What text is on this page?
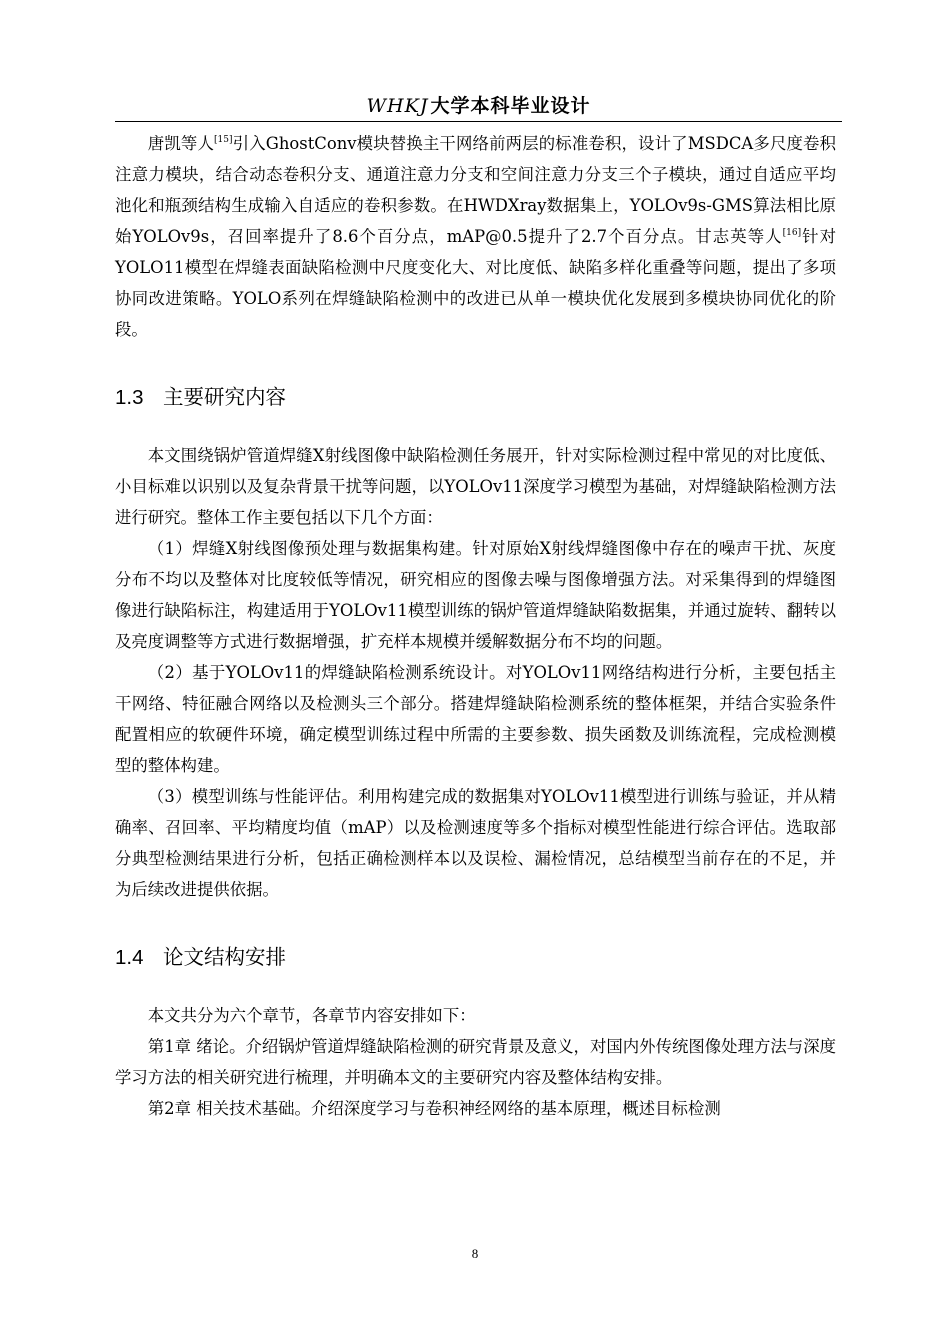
WHKJ 大学本科毕业设计

唐凯等人[15]引入GhostConv模块替换主干网络前两层的标准卷积，设计了MSDCA多尺度卷积注意力模块，结合动态卷积分支、通道注意力分支和空间注意力分支三个子模块，通过自适应平均池化和瓶颈结构生成输入自适应的卷积参数。在HWDXray数据集上，YOLOv9s-GMS算法相比原始YOLOv9s，召回率提升了8.6个百分点，mAP@0.5提升了2.7个百分点。甘志英等人[16]针对YOLO11模型在焊缝表面缺陷检测中尺度变化大、对比度低、缺陷多样化重叠等问题，提出了多项协同改进策略。YOLO系列在焊缝缺陷检测中的改进已从单一模块优化发展到多模块协同优化的阶段。

1.3 主要研究内容

本文围绕锅炉管道焊缝X射线图像中缺陷检测任务展开，针对实际检测过程中常见的对比度低、小目标难以识别以及复杂背景干扰等问题，以YOLOv11深度学习模型为基础，对焊缝缺陷检测方法进行研究。整体工作主要包括以下几个方面：

（1）焊缝X射线图像预处理与数据集构建。针对原始X射线焊缝图像中存在的噪声干扰、灰度分布不均以及整体对比度较低等情况，研究相应的图像去噪与图像增强方法。对采集得到的焊缝图像进行缺陷标注，构建适用于YOLOv11模型训练的锅炉管道焊缝缺陷数据集，并通过旋转、翻转以及亮度调整等方式进行数据增强，扩充样本规模并缓解数据分布不均的问题。

（2）基于YOLOv11的焊缝缺陷检测系统设计。对YOLOv11网络结构进行分析，主要包括主干网络、特征融合网络以及检测头三个部分。搭建焊缝缺陷检测系统的整体框架，并结合实验条件配置相应的软硬件环境，确定模型训练过程中所需的主要参数、损失函数及训练流程，完成检测模型的整体构建。

（3）模型训练与性能评估。利用构建完成的数据集对YOLOv11模型进行训练与验证，并从精确率、召回率、平均精度均值（mAP）以及检测速度等多个指标对模型性能进行综合评估。选取部分典型检测结果进行分析，包括正确检测样本以及误检、漏检情况，总结模型当前存在的不足，并为后续改进提供依据。

1.4 论文结构安排

本文共分为六个章节，各章节内容安排如下：

第1章 绪论。介绍锅炉管道焊缝缺陷检测的研究背景及意义，对国内外传统图像处理方法与深度学习方法的相关研究进行梳理，并明确本文的主要研究内容及整体结构安排。

第2章 相关技术基础。介绍深度学习与卷积神经网络的基本原理，概述目标检测

8
